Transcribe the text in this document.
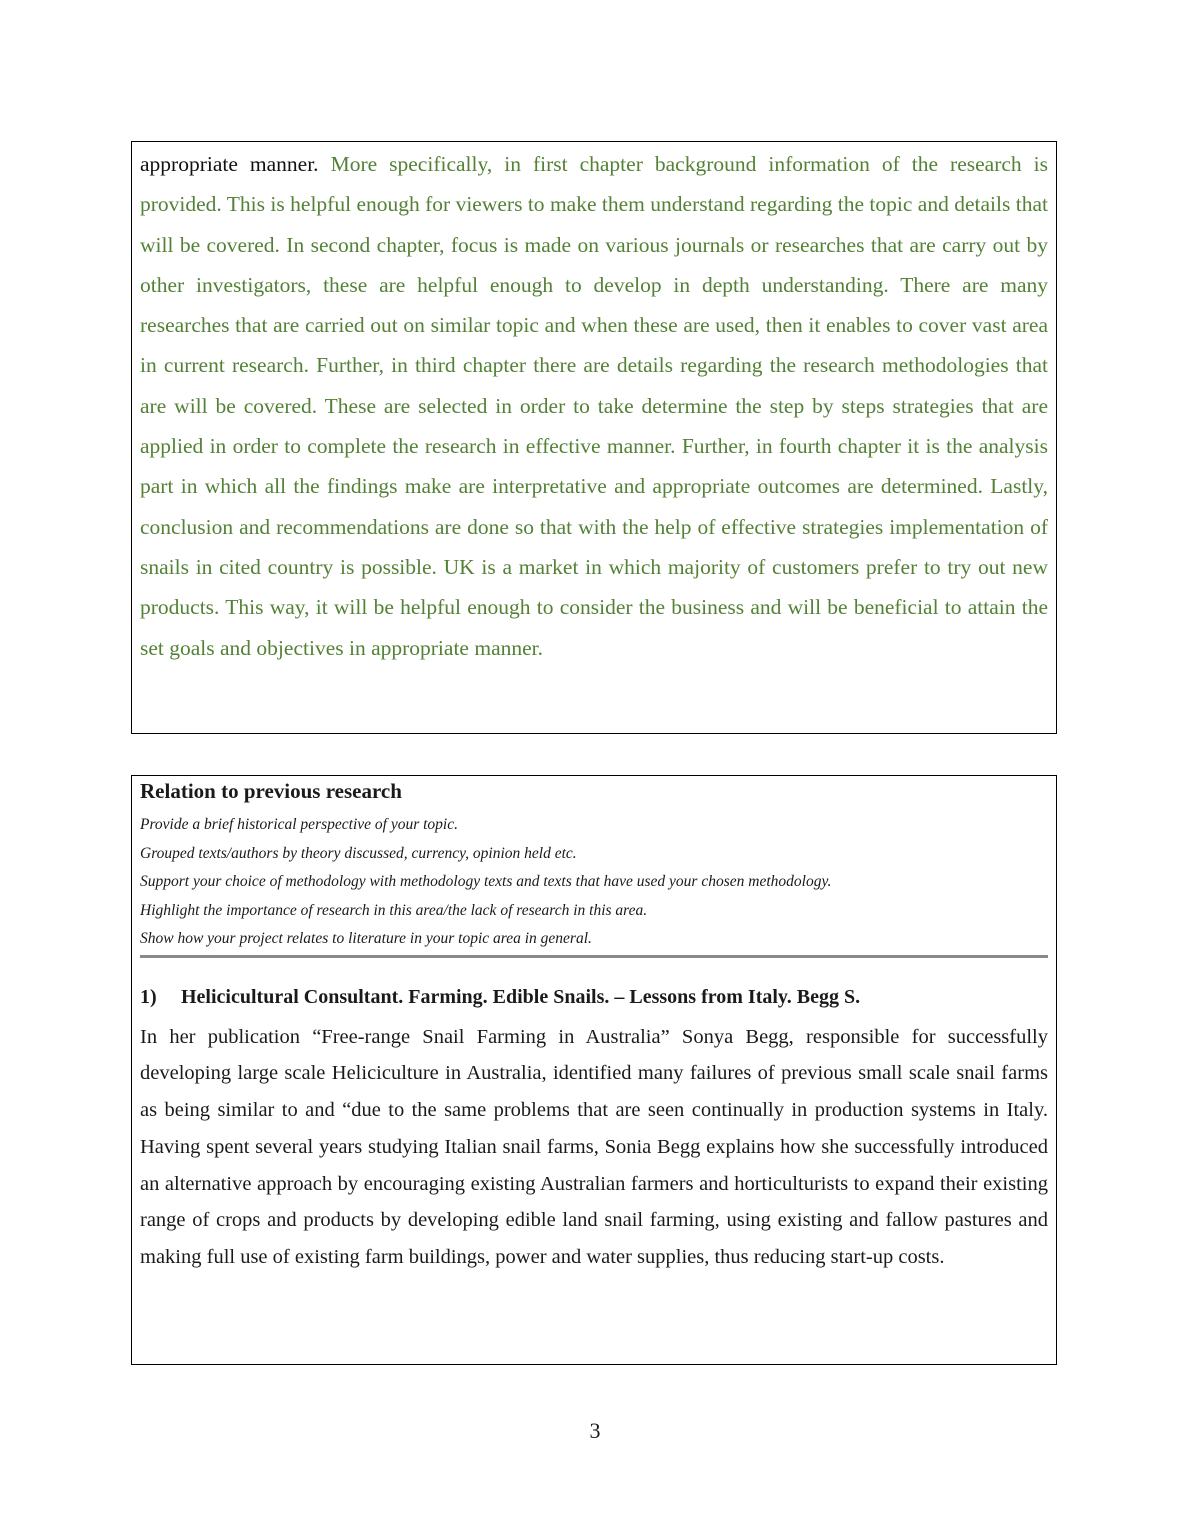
appropriate manner. More specifically, in first chapter background information of the research is provided. This is helpful enough for viewers to make them understand regarding the topic and details that will be covered. In second chapter, focus is made on various journals or researches that are carry out by other investigators, these are helpful enough to develop in depth understanding. There are many researches that are carried out on similar topic and when these are used, then it enables to cover vast area in current research. Further, in third chapter there are details regarding the research methodologies that are will be covered. These are selected in order to take determine the step by steps strategies that are applied in order to complete the research in effective manner. Further, in fourth chapter it is the analysis part in which all the findings make are interpretative and appropriate outcomes are determined. Lastly, conclusion and recommendations are done so that with the help of effective strategies implementation of snails in cited country is possible. UK is a market in which majority of customers prefer to try out new products. This way, it will be helpful enough to consider the business and will be beneficial to attain the set goals and objectives in appropriate manner.

Relation to previous research

Provide a brief historical perspective of your topic.

Grouped texts/authors by theory discussed, currency, opinion held etc.

Support your choice of methodology with methodology texts and texts that have used your chosen methodology.

Highlight the importance of research in this area/the lack of research in this area.

Show how your project relates to literature in your topic area in general.

1) Helicicultural Consultant. Farming. Edible Snails. – Lessons from Italy. Begg S.

In her publication “Free-range Snail Farming in Australia” Sonya Begg, responsible for successfully developing large scale Heliciculture in Australia, identified many failures of previous small scale snail farms as being similar to and “due to the same problems that are seen continually in production systems in Italy. Having spent several years studying Italian snail farms, Sonia Begg explains how she successfully introduced an alternative approach by encouraging existing Australian farmers and horticulturists to expand their existing range of crops and products by developing edible land snail farming, using existing and fallow pastures and making full use of existing farm buildings, power and water supplies, thus reducing start-up costs.

3
